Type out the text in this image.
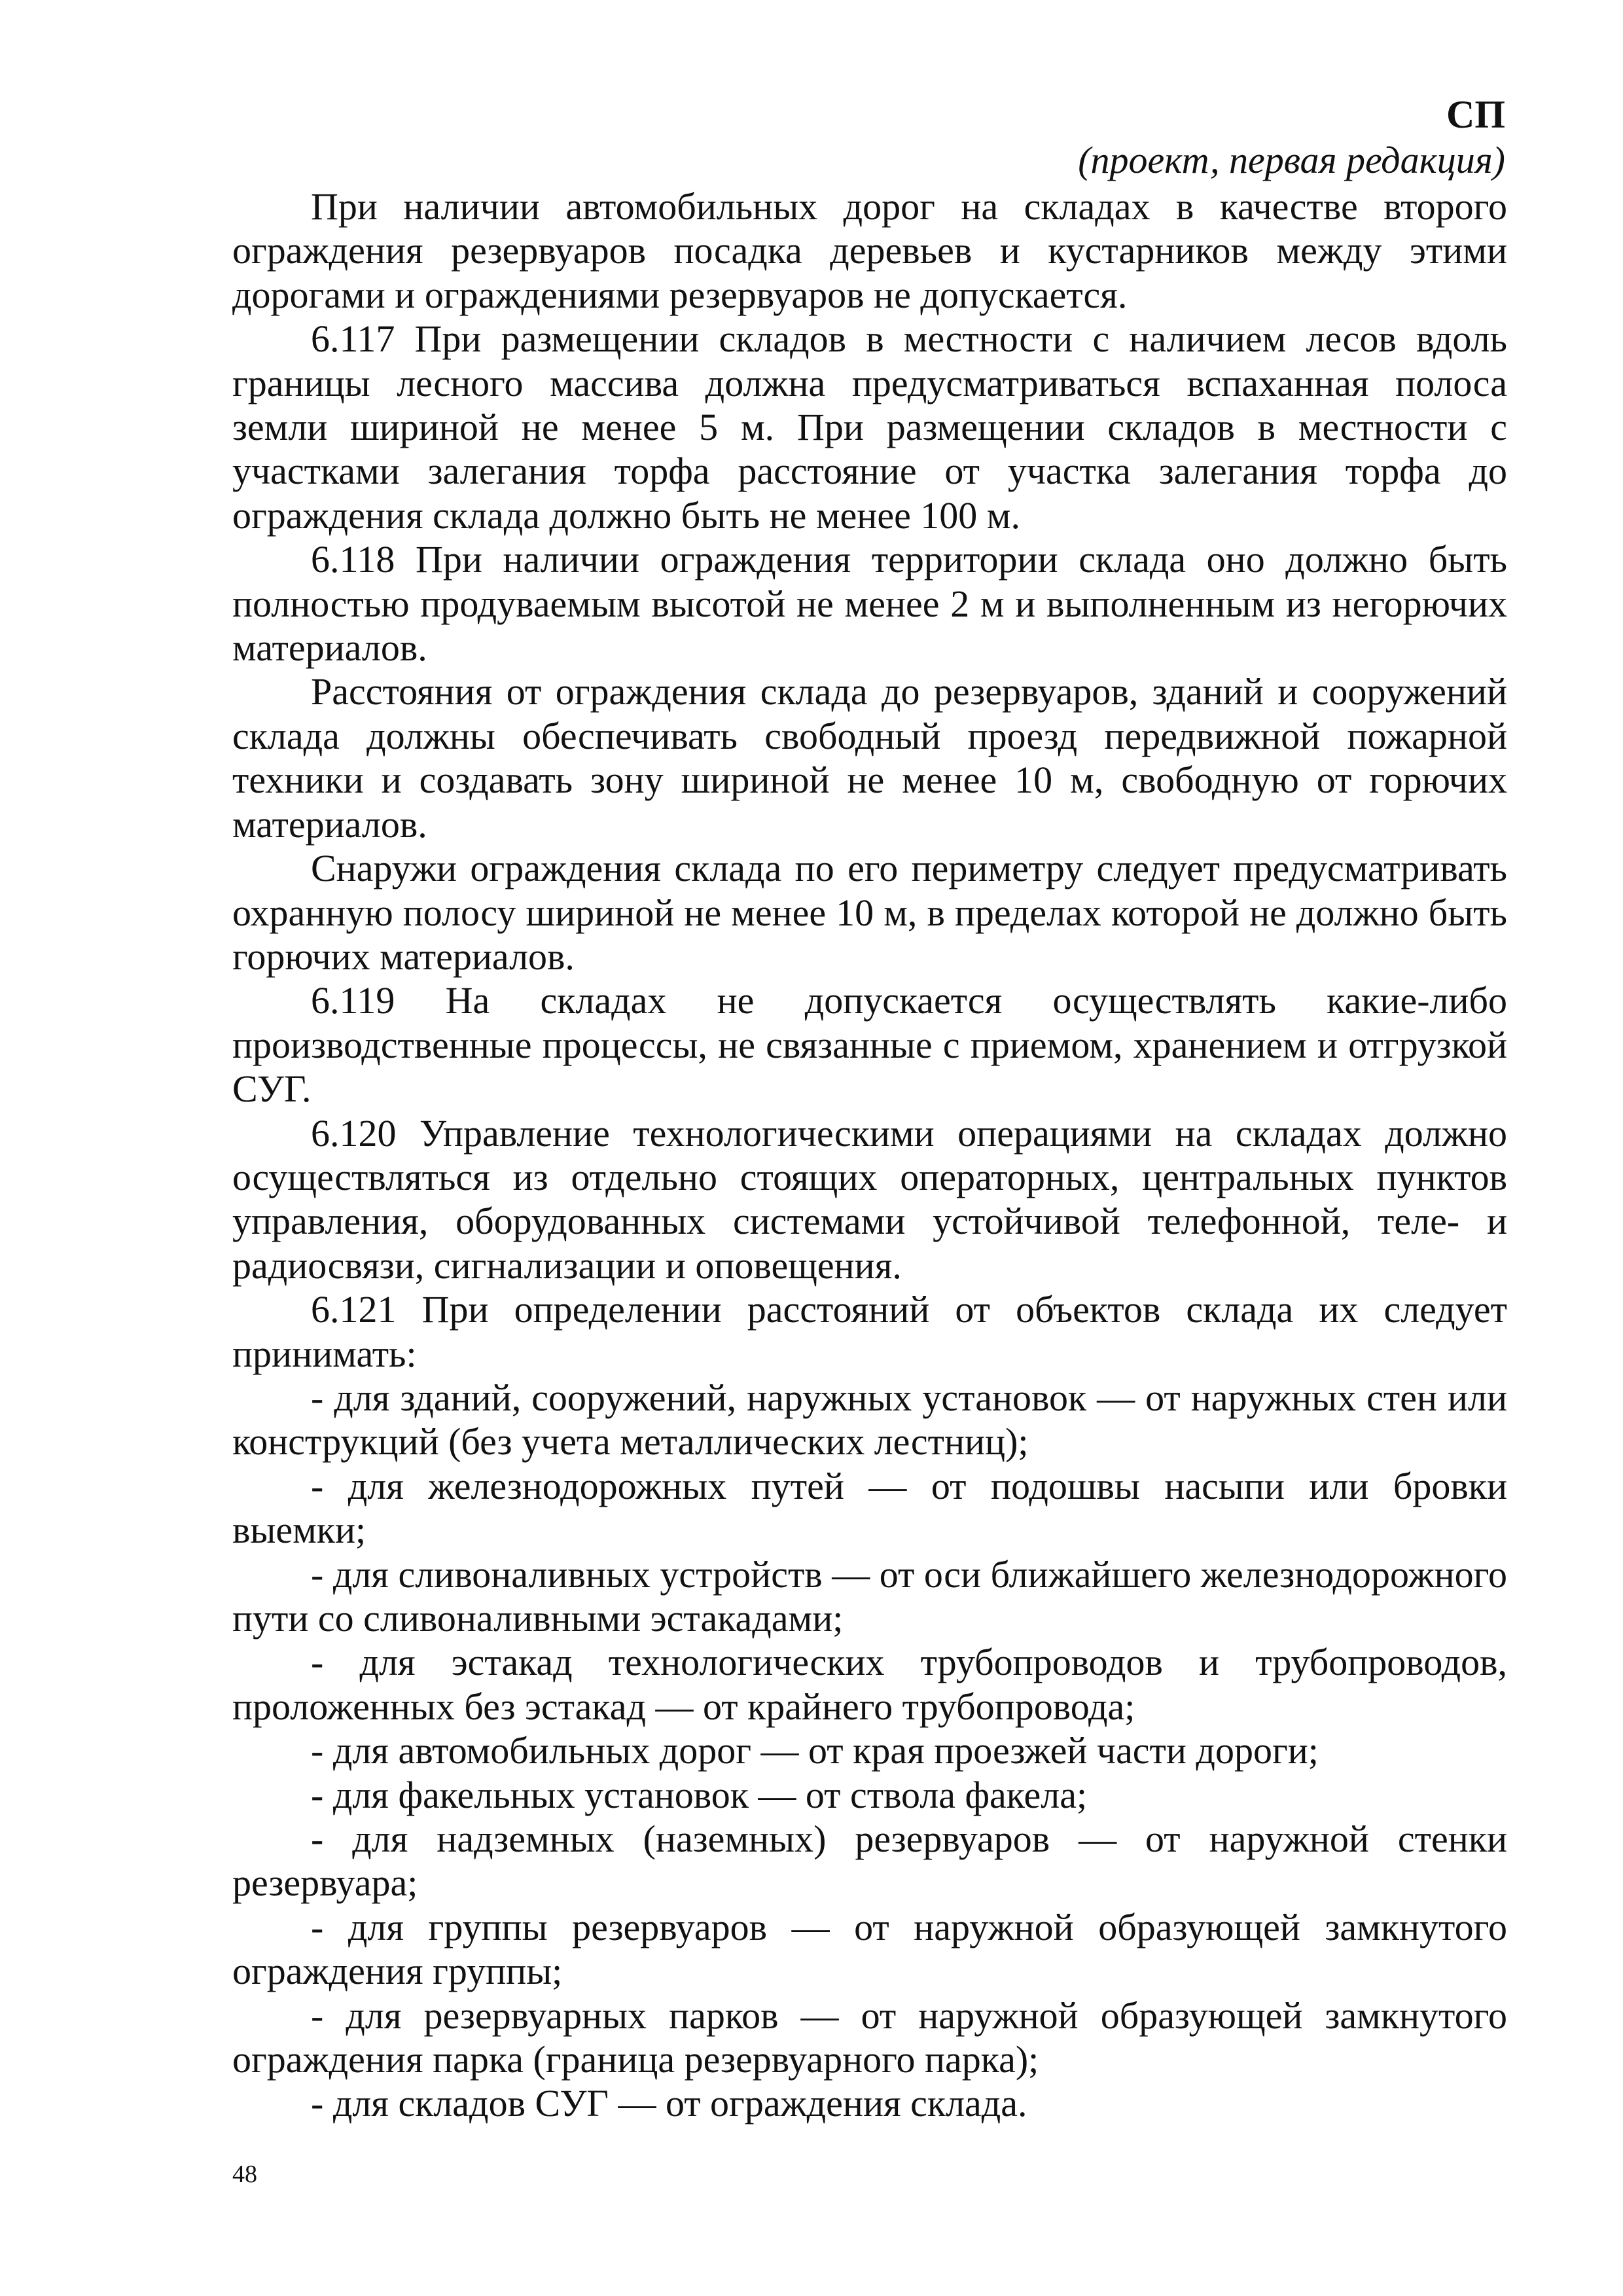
СП
(проект, первая редакция)

При наличии автомобильных дорог на складах в качестве второго ограждения резервуаров посадка деревьев и кустарников между этими дорогами и ограждениями резервуаров не допускается.

6.117 При размещении складов в местности с наличием лесов вдоль границы лесного массива должна предусматриваться вспаханная полоса земли шириной не менее 5 м. При размещении складов в местности с участками залегания торфа расстояние от участка залегания торфа до ограждения склада должно быть не менее 100 м.

6.118 При наличии ограждения территории склада оно должно быть полностью продуваемым высотой не менее 2 м и выполненным из негорючих материалов.

Расстояния от ограждения склада до резервуаров, зданий и сооружений склада должны обеспечивать свободный проезд передвижной пожарной техники и создавать зону шириной не менее 10 м, свободную от горючих материалов.

Снаружи ограждения склада по его периметру следует предусматривать охранную полосу шириной не менее 10 м, в пределах которой не должно быть горючих материалов.

6.119 На складах не допускается осуществлять какие-либо производственные процессы, не связанные с приемом, хранением и отгрузкой СУГ.

6.120 Управление технологическими операциями на складах должно осуществляться из отдельно стоящих операторных, центральных пунктов управления, оборудованных системами устойчивой телефонной, теле- и радиосвязи, сигнализации и оповещения.

6.121 При определении расстояний от объектов склада их следует принимать:

- для зданий, сооружений, наружных установок — от наружных стен или конструкций (без учета металлических лестниц);

- для железнодорожных путей — от подошвы насыпи или бровки выемки;

- для сливоналивных устройств — от оси ближайшего железнодорожного пути со сливоналивными эстакадами;

- для эстакад технологических трубопроводов и трубопроводов, проложенных без эстакад — от крайнего трубопровода;

- для автомобильных дорог — от края проезжей части дороги;

- для факельных установок — от ствола факела;

- для надземных (наземных) резервуаров — от наружной стенки резервуара;

- для группы резервуаров — от наружной образующей замкнутого ограждения группы;

- для резервуарных парков — от наружной образующей замкнутого ограждения парка (граница резервуарного парка);

- для складов СУГ — от ограждения склада.

48
